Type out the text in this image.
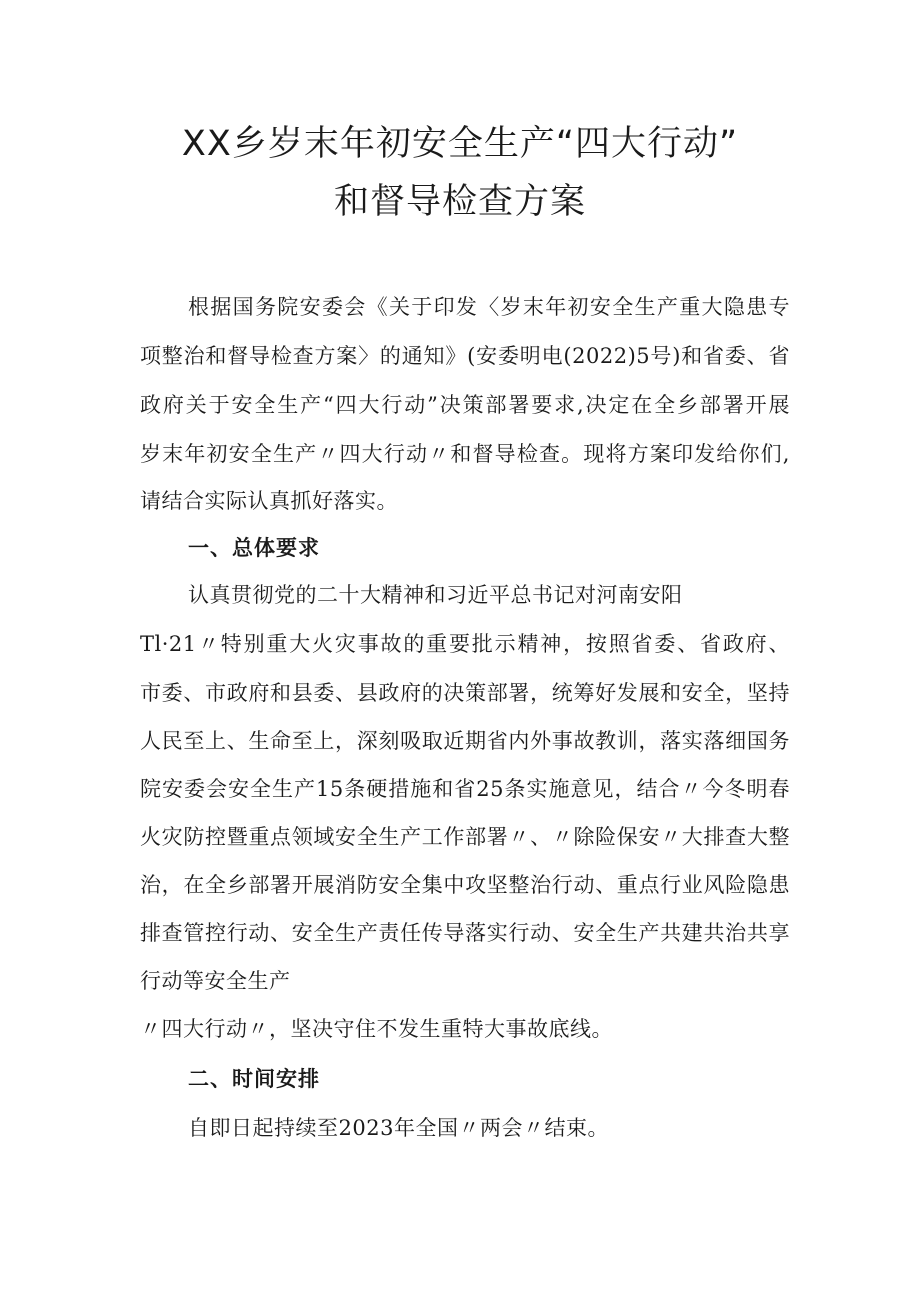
XX乡岁末年初安全生产“四大行动”
和督导检查方案
根据国务院安委会《关于印发〈岁末年初安全生产重大隐患专
项整治和督导检查方案〉的通知》(安委明电(2022)5号)和省委、省
政府关于安全生产“四大行动”决策部署要求,决定在全乡部署开展
岁末年初安全生产〃四大行动〃和督导检查。现将方案印发给你们,
请结合实际认真抓好落实。
一、总体要求
认真贯彻党的二十大精神和习近平总书记对河南安阳
Tl·21〃特别重大火灾事故的重要批示精神，按照省委、省政府、
市委、市政府和县委、县政府的决策部署，统筹好发展和安全，坚持
人民至上、生命至上，深刻吸取近期省内外事故教训，落实落细国务
院安委会安全生产15条硬措施和省25条实施意见，结合〃今冬明春
火灾防控暨重点领域安全生产工作部署〃、〃除险保安〃大排查大整
治，在全乡部署开展消防安全集中攻坚整治行动、重点行业风险隐患
排查管控行动、安全生产责任传导落实行动、安全生产共建共治共享
行动等安全生产
〃四大行动〃，坚决守住不发生重特大事故底线。
二、时间安排
自即日起持续至2023年全国〃两会〃结束。
